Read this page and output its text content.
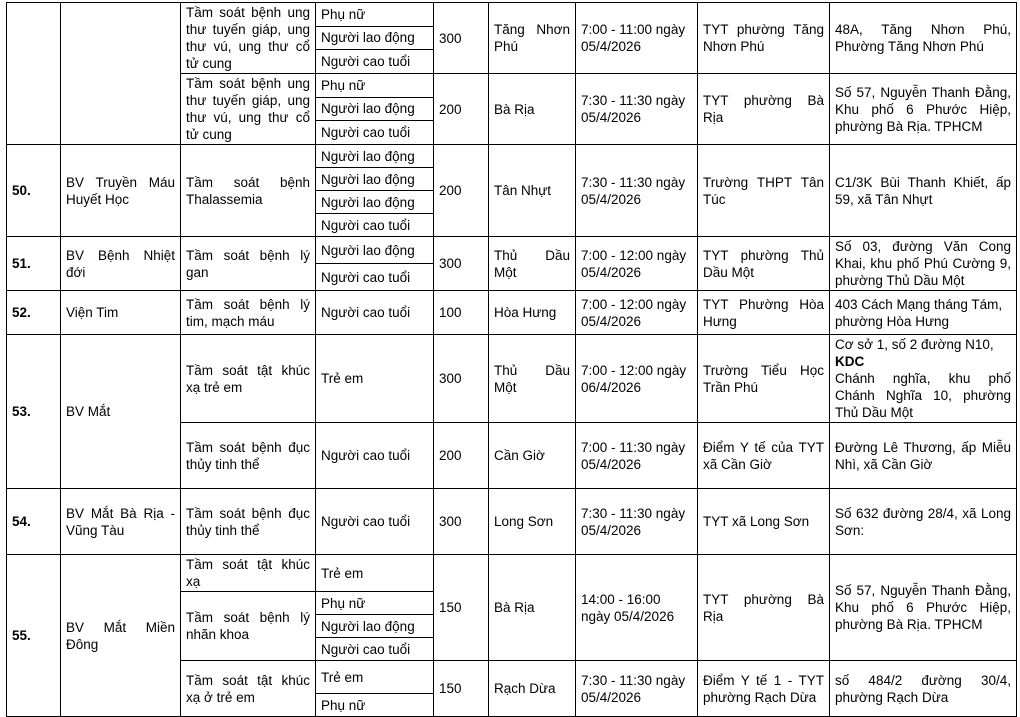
		Tầm soát bệnh ung thư tuyến giáp, ung thư vú, ung thư cổ tử cung	Phụ nữ	300	Tăng Nhơn Phú	7:00 - 11:00 ngày 05/4/2026	TYT phường Tăng Nhơn Phú	48A, Tăng Nhơn Phú, Phường Tăng Nhơn Phú
			Người lao động					
			Người cao tuổi					
		Tầm soát bệnh ung thư tuyến giáp, ung thư vú, ung thư cổ tử cung	Phụ nữ	200	Bà Rịa	7:30 - 11:30 ngày 05/4/2026	TYT phường Bà Rịa	Số 57, Nguyễn Thanh Đằng, Khu phố 6 Phước Hiệp, phường Bà Rịa. TPHCM
			Người lao động					
			Người cao tuổi					
50.	BV Truyền Máu Huyết Học	Tầm soát bệnh Thalassemia	Người lao động	200	Tân Nhựt	7:30 - 11:30 ngày 05/4/2026	Trường THPT Tân Túc	C1/3K Bùi Thanh Khiết, ấp 59, xã Tân Nhựt
			Người lao động					
			Người lao động					
			Người cao tuổi					
51.	BV Bệnh Nhiệt đới	Tầm soát bệnh lý gan	Người lao động	300	Thủ Dầu Một	7:00 - 12:00 ngày 05/4/2026	TYT phường Thủ Dầu Một	Số 03, đường Văn Cong Khai, khu phố Phú Cường 9, phường Thủ Dầu Một
			Người cao tuổi					
52.	Viện Tim	Tầm soát bệnh lý tim, mạch máu	Người cao tuổi	100	Hòa Hưng	7:00 - 12:00 ngày 05/4/2026	TYT Phường Hòa Hưng	403 Cách Mạng tháng Tám, phường Hòa Hưng
53.	BV Mắt	Tầm soát tật khúc xạ trẻ em	Trẻ em	300	Thủ Dầu Một	7:00 - 12:00 ngày 06/4/2026	Trường Tiểu Học Trần Phú	Cơ sở 1, số 2 đường N10,
KDC
Chánh nghĩa, khu phố Chánh Nghĩa 10, phường Thủ Dầu Một
		Tầm soát bệnh đục thủy tinh thể	Người cao tuổi	200	Cần Giờ	7:00 - 11:30 ngày 05/4/2026	Điểm Y tế của TYT xã Cần Giờ	Đường Lê Thương, ấp Miễu Nhì, xã Cần Giờ
54.	BV Mắt Bà Rịa - Vũng Tàu	Tầm soát bệnh đục thủy tinh thể	Người cao tuổi	300	Long Sơn	7:30 - 11:30 ngày 05/4/2026	TYT xã Long Sơn	Số 632 đường 28/4, xã Long Sơn:
55.	BV Mắt Miền Đông	Tầm soát tật khúc xạ	Trẻ em	150	Bà Rịa	14:00 - 16:00 ngày 05/4/2026	TYT phường Bà Rịa	Số 57, Nguyễn Thanh Đằng, Khu phố 6 Phước Hiệp, phường Bà Rịa. TPHCM
		Tầm soát bệnh lý nhãn khoa	Phụ nữ					
			Người lao động					
			Người cao tuổi					
		Tầm soát tật khúc xạ ở trẻ em	Trẻ em	150	Rạch Dừa	7:30 - 11:30 ngày 05/4/2026	Điểm Y tế 1 - TYT phường Rạch Dừa	số 484/2 đường 30/4, phường Rạch Dừa
			Phụ nữ					
